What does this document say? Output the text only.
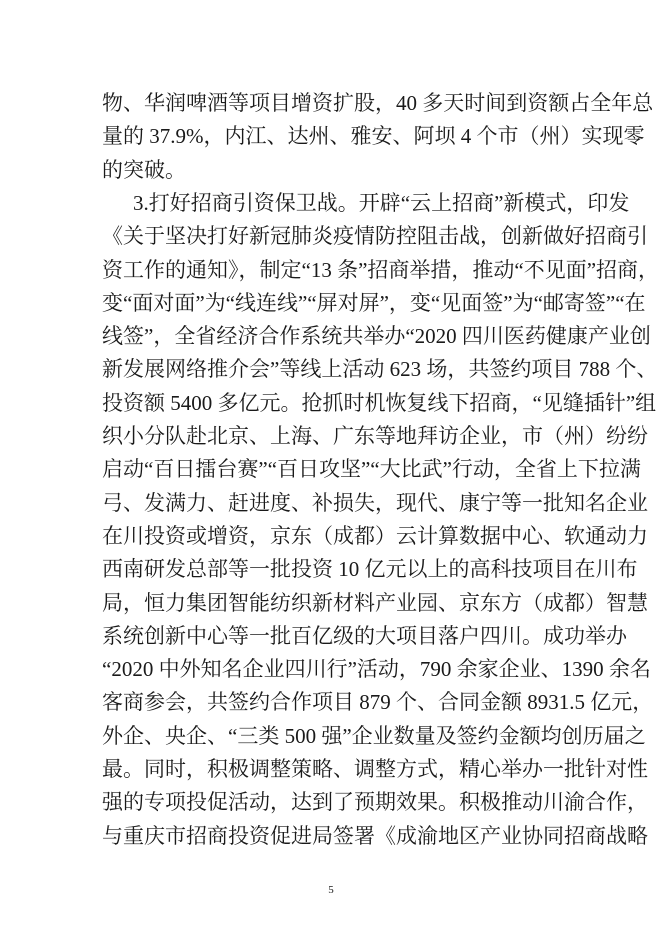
物、华润啤酒等项目增资扩股，40 多天时间到资额占全年总
量的 37.9%，内江、达州、雅安、阿坝 4 个市（州）实现零
的突破。
3.打好招商引资保卫战。开辟“云上招商”新模式，印发
《关于坚决打好新冠肺炎疫情防控阻击战，创新做好招商引
资工作的通知》，制定“13 条”招商举措，推动“不见面”招商，
变“面对面”为“线连线”“屏对屏”，变“见面签”为“邮寄签”“在
线签”，全省经济合作系统共举办“2020 四川医药健康产业创
新发展网络推介会”等线上活动 623 场，共签约项目 788 个、
投资额 5400 多亿元。抢抓时机恢复线下招商，“见缝插针”组
织小分队赴北京、上海、广东等地拜访企业，市（州）纷纷
启动“百日擂台赛”“百日攻坚”“大比武”行动，全省上下拉满
弓、发满力、赶进度、补损失，现代、康宁等一批知名企业
在川投资或增资，京东（成都）云计算数据中心、软通动力
西南研发总部等一批投资 10 亿元以上的高科技项目在川布
局，恒力集团智能纺织新材料产业园、京东方（成都）智慧
系统创新中心等一批百亿级的大项目落户四川。成功举办
“2020 中外知名企业四川行”活动，790 余家企业、1390 余名
客商参会，共签约合作项目 879 个、合同金额 8931.5 亿元，
外企、央企、“三类 500 强”企业数量及签约金额均创历届之
最。同时，积极调整策略、调整方式，精心举办一批针对性
强的专项投促活动，达到了预期效果。积极推动川渝合作，
与重庆市招商投资促进局签署《成渝地区产业协同招商战略
5
